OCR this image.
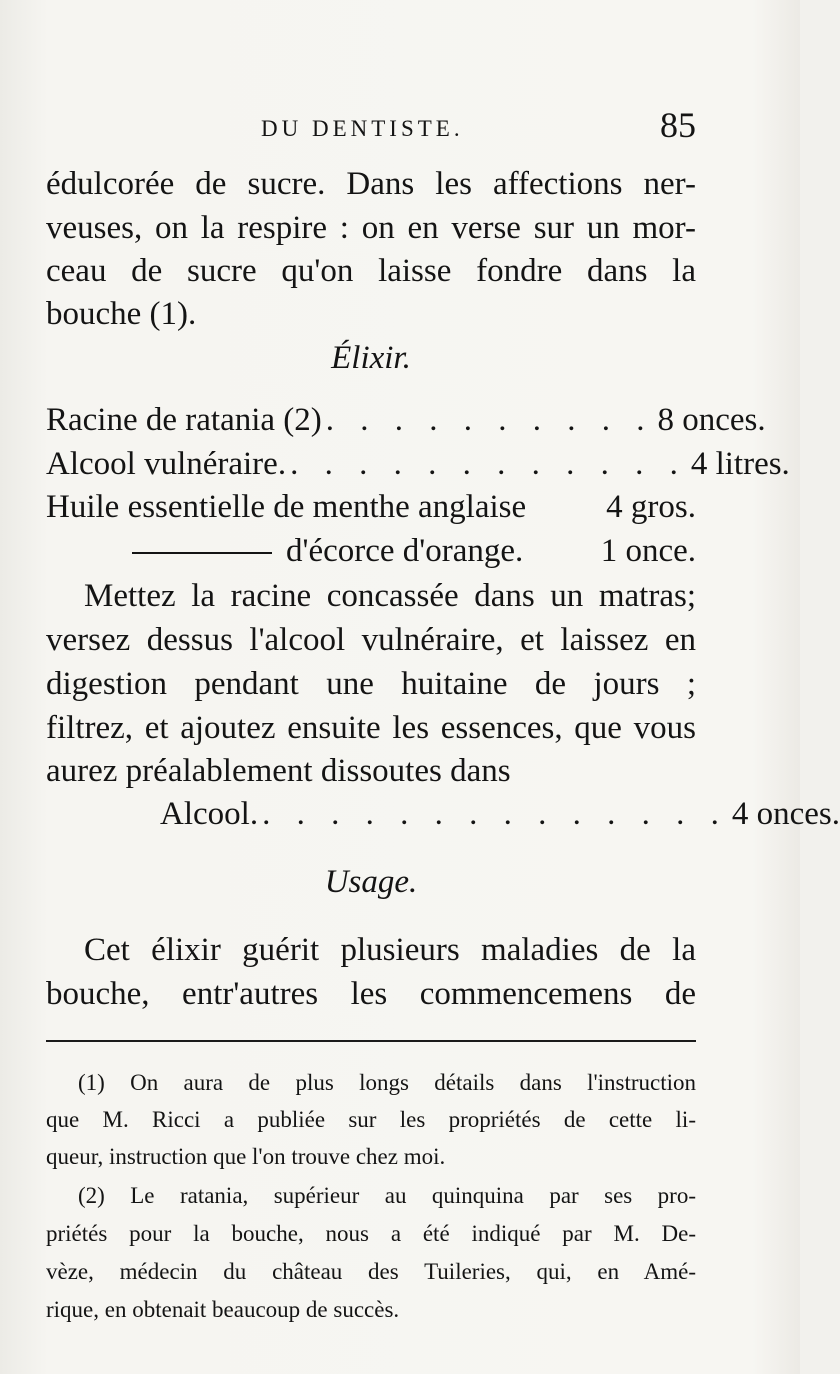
DU DENTISTE.	85
édulcorée de sucre. Dans les affections ner-
veuses, on la respire : on en verse sur un mor-
ceau de sucre qu'on laisse fondre dans la
bouche (1).
Élixir.
Racine de ratania (2) . . . . . . . . . . 8 onces.
Alcool vulnéraire. . . . . . . . . . . . . 4 litres.
Huile essentielle de menthe anglaise 4 gros.
d'écorce d'orange. 1 once.
Mettez la racine concassée dans un matras;
versez dessus l'alcool vulnéraire, et laissez en
digestion pendant une huitaine de jours ;
filtrez, et ajoutez ensuite les essences, que vous
aurez préalablement dissoutes dans
Alcool. . . . . . . . . . . . . . . 4 onces.
Usage.
Cet élixir guérit plusieurs maladies de la
bouche, entr'autres les commencemens de
(1) On aura de plus longs détails dans l'instruction
que M. Ricci a publiée sur les propriétés de cette li-
queur, instruction que l'on trouve chez moi.
(2) Le ratania, supérieur au quinquina par ses pro-
priétés pour la bouche, nous a été indiqué par M. De-
vèze, médecin du château des Tuileries, qui, en Amé-
rique, en obtenait beaucoup de succès.
